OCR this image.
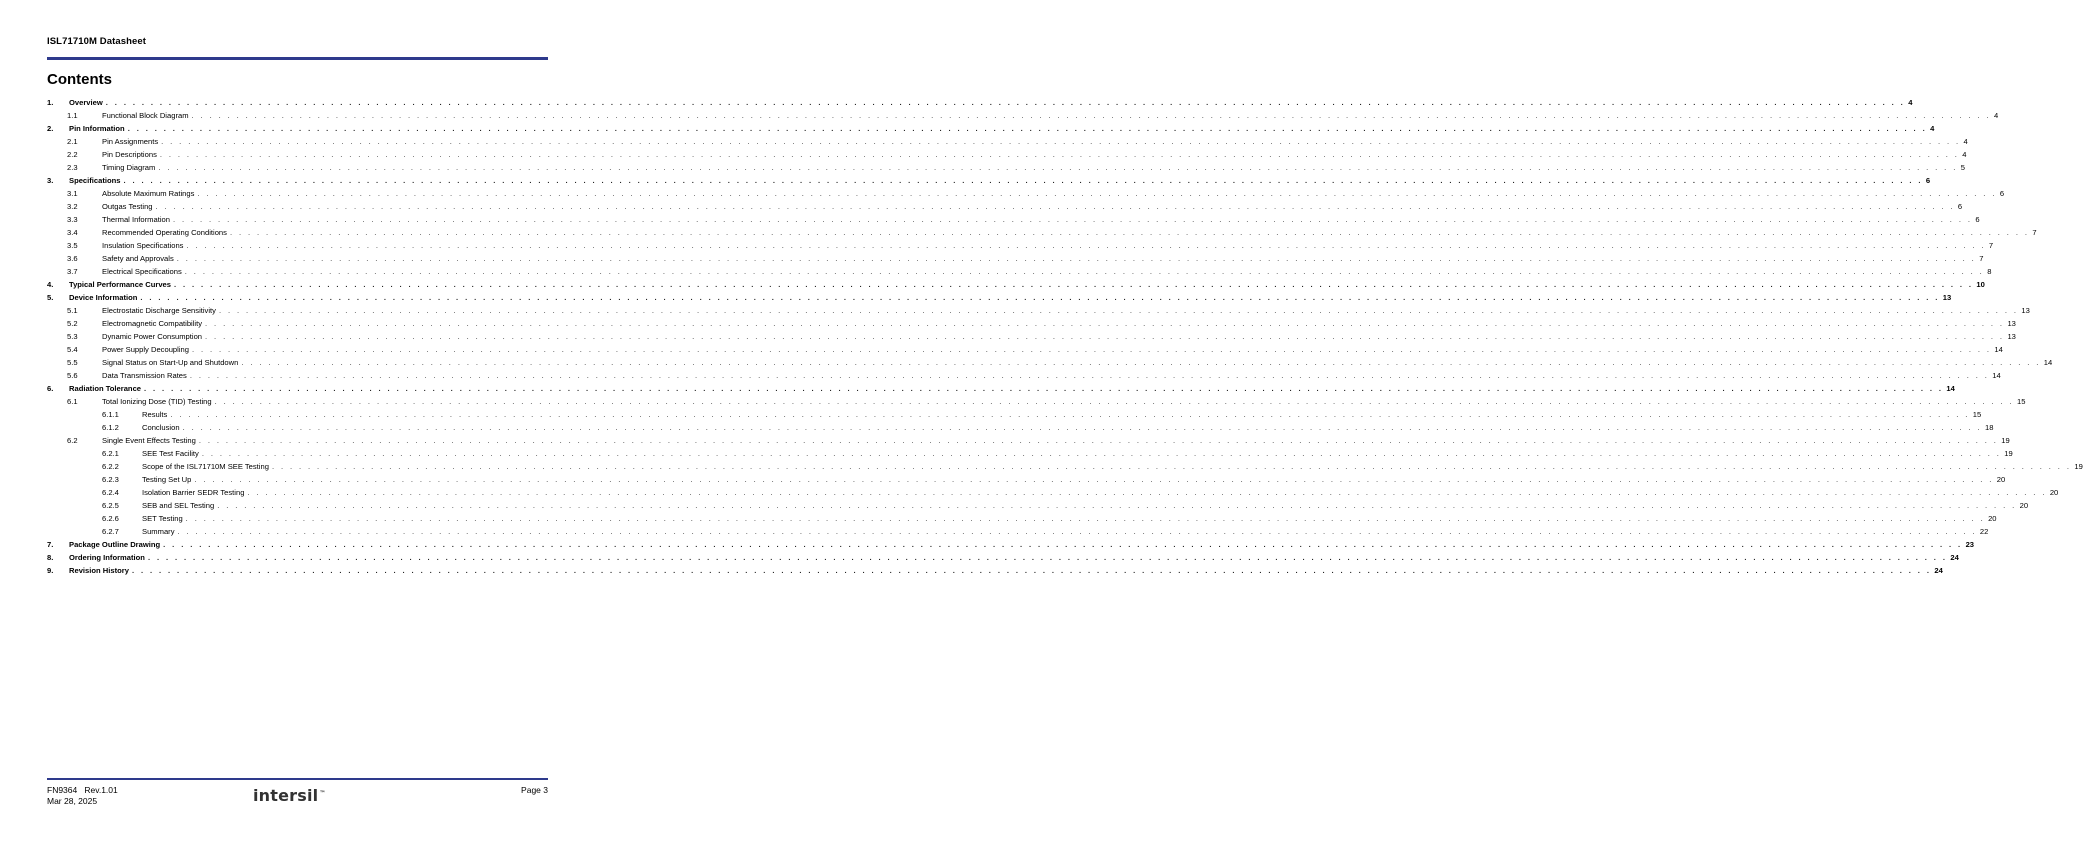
ISL71710M Datasheet
Contents
1. Overview . . . . . . . . . . . . . . . . . . . . . . . . . . . . . . . . . . . . . . . . . . . . . . . . . . . . . . . . . . . . . . . . . . . . . . . . . . . . . . . . . . . . . . . . . . . . . . . . . . . . . . . . . . . . . . . . . . . . . . . . . . . . . . . . . . . . . . . . . . . . . . . . . . . . . . . . . . . . . . . . . . . . . . . . . . . . . . . . . . . . . . . . . . . . . . . . . . . . . . . . 4
1.1	Functional Block Diagram . . . . . . . . . . . . . . . . . . . . . . . . . . . . . . . . . . . . . . . . . . . . . . . . . . . . . . . . . . . . . . . . . . . . . . . . . . . . . . . . . . . . . . . . . . . . . . . . . . . . . . . . . . . . . . . . . . . . . . . . . . . . . . . . . . . . . . . . . . . . . . . . . . . . . . . . . . . . . . . . . . . . . . . . . . . . . . . . . . . . . . . . . . . . . . . . . . . . . . . . 4
2. Pin Information . . . . . . . . . . . . . . . . . . . . . . . . . . . . . . . . . . . . . . . . . . . . . . . . . . . . . . . . . . . . . . . . . . . . . . . . . . . . . . . . . . . . . . . . . . . . . . . . . . . . . . . . . . . . . . . . . . . . . . . . . . . . . . . . . . . . . . . . . . . . . . . . . . . . . . . . . . . . . . . . . . . . . . . . . . . . . . . . . . . . . . . . . . . . . . . . . . . . . . . . 4
2.1	Pin Assignments . . . . . . . . . . . . . . . . . . . . . . . . . . . . . . . . . . . . . . . . . . . . . . . . . . . . . . . . . . . . . . . . . . . . . . . . . . . . . . . . . . . . . . . . . . . . . . . . . . . . . . . . . . . . . . . . . . . . . . . . . . . . . . . . . . . . . . . . . . . . . . . . . . . . . . . . . . . . . . . . . . . . . . . . . . . . . . . . . . . . . . . . . . . . . . . . . . . . . . . . 4
2.2	Pin Descriptions . . . . . . . . . . . . . . . . . . . . . . . . . . . . . . . . . . . . . . . . . . . . . . . . . . . . . . . . . . . . . . . . . . . . . . . . . . . . . . . . . . . . . . . . . . . . . . . . . . . . . . . . . . . . . . . . . . . . . . . . . . . . . . . . . . . . . . . . . . . . . . . . . . . . . . . . . . . . . . . . . . . . . . . . . . . . . . . . . . . . . . . . . . . . . . . . . . . . . . . . 4
2.3	Timing Diagram . . . . . . . . . . . . . . . . . . . . . . . . . . . . . . . . . . . . . . . . . . . . . . . . . . . . . . . . . . . . . . . . . . . . . . . . . . . . . . . . . . . . . . . . . . . . . . . . . . . . . . . . . . . . . . . . . . . . . . . . . . . . . . . . . . . . . . . . . . . . . . . . . . . . . . . . . . . . . . . . . . . . . . . . . . . . . . . . . . . . . . . . . . . . . . . . . . . . . . . . 5
3. Specifications . . . . . . . . . . . . . . . . . . . . . . . . . . . . . . . . . . . . . . . . . . . . . . . . . . . . . . . . . . . . . . . . . . . . . . . . . . . . . . . . . . . . . . . . . . . . . . . . . . . . . . . . . . . . . . . . . . . . . . . . . . . . . . . . . . . . . . . . . . . . . . . . . . . . . . . . . . . . . . . . . . . . . . . . . . . . . . . . . . . . . . . . . . . . . . . . . . . . . . . . 6
3.1	Absolute Maximum Ratings . . . . . . . . . . . . . . . . . . . . . . . . . . . . . . . . . . . . . . . . . . . . . . . . . . . . . . . . . . . . . . . . . . . . . . . . . . . . . . . . . . . . . . . . . . . . . . . . . . . . . . . . . . . . . . . . . . . . . . . . . . . . . . . . . . . . . . . . . . . . . . . . . . . . . . . . . . . . . . . . . . . . . . . . . . . . . . . . . . . . . . . . . . . . . . . . . . . . . . . . 6
3.2	Outgas Testing . . . . . . . . . . . . . . . . . . . . . . . . . . . . . . . . . . . . . . . . . . . . . . . . . . . . . . . . . . . . . . . . . . . . . . . . . . . . . . . . . . . . . . . . . . . . . . . . . . . . . . . . . . . . . . . . . . . . . . . . . . . . . . . . . . . . . . . . . . . . . . . . . . . . . . . . . . . . . . . . . . . . . . . . . . . . . . . . . . . . . . . . . . . . . . . . . . . . . . . . 6
3.3	Thermal Information . . . . . . . . . . . . . . . . . . . . . . . . . . . . . . . . . . . . . . . . . . . . . . . . . . . . . . . . . . . . . . . . . . . . . . . . . . . . . . . . . . . . . . . . . . . . . . . . . . . . . . . . . . . . . . . . . . . . . . . . . . . . . . . . . . . . . . . . . . . . . . . . . . . . . . . . . . . . . . . . . . . . . . . . . . . . . . . . . . . . . . . . . . . . . . . . . . . . . . . . 6
3.4	Recommended Operating Conditions . . . . . . . . . . . . . . . . . . . . . . . . . . . . . . . . . . . . . . . . . . . . . . . . . . . . . . . . . . . . . . . . . . . . . . . . . . . . . . . . . . . . . . . . . . . . . . . . . . . . . . . . . . . . . . . . . . . . . . . . . . . . . . . . . . . . . . . . . . . . . . . . . . . . . . . . . . . . . . . . . . . . . . . . . . . . . . . . . . . . . . . . . . . . . . . . . . . . . . . . 7
3.5	Insulation Specifications . . . . . . . . . . . . . . . . . . . . . . . . . . . . . . . . . . . . . . . . . . . . . . . . . . . . . . . . . . . . . . . . . . . . . . . . . . . . . . . . . . . . . . . . . . . . . . . . . . . . . . . . . . . . . . . . . . . . . . . . . . . . . . . . . . . . . . . . . . . . . . . . . . . . . . . . . . . . . . . . . . . . . . . . . . . . . . . . . . . . . . . . . . . . . . . . . . . . . . . . 7
3.6	Safety and Approvals . . . . . . . . . . . . . . . . . . . . . . . . . . . . . . . . . . . . . . . . . . . . . . . . . . . . . . . . . . . . . . . . . . . . . . . . . . . . . . . . . . . . . . . . . . . . . . . . . . . . . . . . . . . . . . . . . . . . . . . . . . . . . . . . . . . . . . . . . . . . . . . . . . . . . . . . . . . . . . . . . . . . . . . . . . . . . . . . . . . . . . . . . . . . . . . . . . . . . . . . 7
3.7	Electrical Specifications . . . . . . . . . . . . . . . . . . . . . . . . . . . . . . . . . . . . . . . . . . . . . . . . . . . . . . . . . . . . . . . . . . . . . . . . . . . . . . . . . . . . . . . . . . . . . . . . . . . . . . . . . . . . . . . . . . . . . . . . . . . . . . . . . . . . . . . . . . . . . . . . . . . . . . . . . . . . . . . . . . . . . . . . . . . . . . . . . . . . . . . . . . . . . . . . . . . . . . . . 8
4. Typical Performance Curves . . . . . . . . . . . . . . . . . . . . . . . . . . . . . . . . . . . . . . . . . . . . . . . . . . . . . . . . . . . . . . . . . . . . . . . . . . . . . . . . . . . . . . . . . . . . . . . . . . . . . . . . . . . . . . . . . . . . . . . . . . . . . . . . . . . . . . . . . . . . . . . . . . . . . . . . . . . . . . . . . . . . . . . . . . . . . . . . . . . . . . . . . . . . . . . . . . . . . . . . 10
5. Device Information . . . . . . . . . . . . . . . . . . . . . . . . . . . . . . . . . . . . . . . . . . . . . . . . . . . . . . . . . . . . . . . . . . . . . . . . . . . . . . . . . . . . . . . . . . . . . . . . . . . . . . . . . . . . . . . . . . . . . . . . . . . . . . . . . . . . . . . . . . . . . . . . . . . . . . . . . . . . . . . . . . . . . . . . . . . . . . . . . . . . . . . . . . . . . . . . . . . . . . . . 13
5.1	Electrostatic Discharge Sensitivity . . . . . . . . . . . . . . . . . . . . . . . . . . . . . . . . . . . . . . . . . . . . . . . . . . . . . . . . . . . . . . . . . . . . . . . . . . . . . . . . . . . . . . . . . . . . . . . . . . . . . . . . . . . . . . . . . . . . . . . . . . . . . . . . . . . . . . . . . . . . . . . . . . . . . . . . . . . . . . . . . . . . . . . . . . . . . . . . . . . . . . . . . . . . . . . . . . . . . . . . 13
5.2	Electromagnetic Compatibility . . . . . . . . . . . . . . . . . . . . . . . . . . . . . . . . . . . . . . . . . . . . . . . . . . . . . . . . . . . . . . . . . . . . . . . . . . . . . . . . . . . . . . . . . . . . . . . . . . . . . . . . . . . . . . . . . . . . . . . . . . . . . . . . . . . . . . . . . . . . . . . . . . . . . . . . . . . . . . . . . . . . . . . . . . . . . . . . . . . . . . . . . . . . . . . . . . . . . . . . 13
5.3	Dynamic Power Consumption . . . . . . . . . . . . . . . . . . . . . . . . . . . . . . . . . . . . . . . . . . . . . . . . . . . . . . . . . . . . . . . . . . . . . . . . . . . . . . . . . . . . . . . . . . . . . . . . . . . . . . . . . . . . . . . . . . . . . . . . . . . . . . . . . . . . . . . . . . . . . . . . . . . . . . . . . . . . . . . . . . . . . . . . . . . . . . . . . . . . . . . . . . . . . . . . . . . . . . . . 13
5.4	Power Supply Decoupling . . . . . . . . . . . . . . . . . . . . . . . . . . . . . . . . . . . . . . . . . . . . . . . . . . . . . . . . . . . . . . . . . . . . . . . . . . . . . . . . . . . . . . . . . . . . . . . . . . . . . . . . . . . . . . . . . . . . . . . . . . . . . . . . . . . . . . . . . . . . . . . . . . . . . . . . . . . . . . . . . . . . . . . . . . . . . . . . . . . . . . . . . . . . . . . . . . . . . . . . 14
5.5	Signal Status on Start-Up and Shutdown . . . . . . . . . . . . . . . . . . . . . . . . . . . . . . . . . . . . . . . . . . . . . . . . . . . . . . . . . . . . . . . . . . . . . . . . . . . . . . . . . . . . . . . . . . . . . . . . . . . . . . . . . . . . . . . . . . . . . . . . . . . . . . . . . . . . . . . . . . . . . . . . . . . . . . . . . . . . . . . . . . . . . . . . . . . . . . . . . . . . . . . . . . . . . . . . . . . . . . . . 14
5.6	Data Transmission Rates . . . . . . . . . . . . . . . . . . . . . . . . . . . . . . . . . . . . . . . . . . . . . . . . . . . . . . . . . . . . . . . . . . . . . . . . . . . . . . . . . . . . . . . . . . . . . . . . . . . . . . . . . . . . . . . . . . . . . . . . . . . . . . . . . . . . . . . . . . . . . . . . . . . . . . . . . . . . . . . . . . . . . . . . . . . . . . . . . . . . . . . . . . . . . . . . . . . . . . . . 14
6. Radiation Tolerance . . . . . . . . . . . . . . . . . . . . . . . . . . . . . . . . . . . . . . . . . . . . . . . . . . . . . . . . . . . . . . . . . . . . . . . . . . . . . . . . . . . . . . . . . . . . . . . . . . . . . . . . . . . . . . . . . . . . . . . . . . . . . . . . . . . . . . . . . . . . . . . . . . . . . . . . . . . . . . . . . . . . . . . . . . . . . . . . . . . . . . . . . . . . . . . . . . . . . . . . 14
6.1	Total Ionizing Dose (TID) Testing . . . . . . . . . . . . . . . . . . . . . . . . . . . . . . . . . . . . . . . . . . . . . . . . . . . . . . . . . . . . . . . . . . . . . . . . . . . . . . . . . . . . . . . . . . . . . . . . . . . . . . . . . . . . . . . . . . . . . . . . . . . . . . . . . . . . . . . . . . . . . . . . . . . . . . . . . . . . . . . . . . . . . . . . . . . . . . . . . . . . . . . . . . . . . . . . . . . . . . . . 15
6.1.1	Results . . . . . . . . . . . . . . . . . . . . . . . . . . . . . . . . . . . . . . . . . . . . . . . . . . . . . . . . . . . . . . . . . . . . . . . . . . . . . . . . . . . . . . . . . . . . . . . . . . . . . . . . . . . . . . . . . . . . . . . . . . . . . . . . . . . . . . . . . . . . . . . . . . . . . . . . . . . . . . . . . . . . . . . . . . . . . . . . . . . . . . . . . . . . . . . . . . . . . . . . 15
6.1.2	Conclusion . . . . . . . . . . . . . . . . . . . . . . . . . . . . . . . . . . . . . . . . . . . . . . . . . . . . . . . . . . . . . . . . . . . . . . . . . . . . . . . . . . . . . . . . . . . . . . . . . . . . . . . . . . . . . . . . . . . . . . . . . . . . . . . . . . . . . . . . . . . . . . . . . . . . . . . . . . . . . . . . . . . . . . . . . . . . . . . . . . . . . . . . . . . . . . . . . . . . . . . . 18
6.2	Single Event Effects Testing . . . . . . . . . . . . . . . . . . . . . . . . . . . . . . . . . . . . . . . . . . . . . . . . . . . . . . . . . . . . . . . . . . . . . . . . . . . . . . . . . . . . . . . . . . . . . . . . . . . . . . . . . . . . . . . . . . . . . . . . . . . . . . . . . . . . . . . . . . . . . . . . . . . . . . . . . . . . . . . . . . . . . . . . . . . . . . . . . . . . . . . . . . . . . . . . . . . . . . . . 19
6.2.1	SEE Test Facility . . . . . . . . . . . . . . . . . . . . . . . . . . . . . . . . . . . . . . . . . . . . . . . . . . . . . . . . . . . . . . . . . . . . . . . . . . . . . . . . . . . . . . . . . . . . . . . . . . . . . . . . . . . . . . . . . . . . . . . . . . . . . . . . . . . . . . . . . . . . . . . . . . . . . . . . . . . . . . . . . . . . . . . . . . . . . . . . . . . . . . . . . . . . . . . . . . . . . . . . 19
6.2.2	Scope of the ISL71710M SEE Testing . . . . . . . . . . . . . . . . . . . . . . . . . . . . . . . . . . . . . . . . . . . . . . . . . . . . . . . . . . . . . . . . . . . . . . . . . . . . . . . . . . . . . . . . . . . . . . . . . . . . . . . . . . . . . . . . . . . . . . . . . . . . . . . . . . . . . . . . . . . . . . . . . . . . . . . . . . . . . . . . . . . . . . . . . . . . . . . . . . . . . . . . . . . . . . . . . . . . . . . . 19
6.2.3	Testing Set Up . . . . . . . . . . . . . . . . . . . . . . . . . . . . . . . . . . . . . . . . . . . . . . . . . . . . . . . . . . . . . . . . . . . . . . . . . . . . . . . . . . . . . . . . . . . . . . . . . . . . . . . . . . . . . . . . . . . . . . . . . . . . . . . . . . . . . . . . . . . . . . . . . . . . . . . . . . . . . . . . . . . . . . . . . . . . . . . . . . . . . . . . . . . . . . . . . . . . . . . . 20
6.2.4	Isolation Barrier SEDR Testing . . . . . . . . . . . . . . . . . . . . . . . . . . . . . . . . . . . . . . . . . . . . . . . . . . . . . . . . . . . . . . . . . . . . . . . . . . . . . . . . . . . . . . . . . . . . . . . . . . . . . . . . . . . . . . . . . . . . . . . . . . . . . . . . . . . . . . . . . . . . . . . . . . . . . . . . . . . . . . . . . . . . . . . . . . . . . . . . . . . . . . . . . . . . . . . . . . . . . . . . 20
6.2.5	SEB and SEL Testing . . . . . . . . . . . . . . . . . . . . . . . . . . . . . . . . . . . . . . . . . . . . . . . . . . . . . . . . . . . . . . . . . . . . . . . . . . . . . . . . . . . . . . . . . . . . . . . . . . . . . . . . . . . . . . . . . . . . . . . . . . . . . . . . . . . . . . . . . . . . . . . . . . . . . . . . . . . . . . . . . . . . . . . . . . . . . . . . . . . . . . . . . . . . . . . . . . . . . . . . 20
6.2.6	SET Testing . . . . . . . . . . . . . . . . . . . . . . . . . . . . . . . . . . . . . . . . . . . . . . . . . . . . . . . . . . . . . . . . . . . . . . . . . . . . . . . . . . . . . . . . . . . . . . . . . . . . . . . . . . . . . . . . . . . . . . . . . . . . . . . . . . . . . . . . . . . . . . . . . . . . . . . . . . . . . . . . . . . . . . . . . . . . . . . . . . . . . . . . . . . . . . . . . . . . . . . . 20
6.2.7	Summary . . . . . . . . . . . . . . . . . . . . . . . . . . . . . . . . . . . . . . . . . . . . . . . . . . . . . . . . . . . . . . . . . . . . . . . . . . . . . . . . . . . . . . . . . . . . . . . . . . . . . . . . . . . . . . . . . . . . . . . . . . . . . . . . . . . . . . . . . . . . . . . . . . . . . . . . . . . . . . . . . . . . . . . . . . . . . . . . . . . . . . . . . . . . . . . . . . . . . . . . 22
7. Package Outline Drawing . . . . . . . . . . . . . . . . . . . . . . . . . . . . . . . . . . . . . . . . . . . . . . . . . . . . . . . . . . . . . . . . . . . . . . . . . . . . . . . . . . . . . . . . . . . . . . . . . . . . . . . . . . . . . . . . . . . . . . . . . . . . . . . . . . . . . . . . . . . . . . . . . . . . . . . . . . . . . . . . . . . . . . . . . . . . . . . . . . . . . . . . . . . . . . . . . . . . . . . . 23
8. Ordering Information . . . . . . . . . . . . . . . . . . . . . . . . . . . . . . . . . . . . . . . . . . . . . . . . . . . . . . . . . . . . . . . . . . . . . . . . . . . . . . . . . . . . . . . . . . . . . . . . . . . . . . . . . . . . . . . . . . . . . . . . . . . . . . . . . . . . . . . . . . . . . . . . . . . . . . . . . . . . . . . . . . . . . . . . . . . . . . . . . . . . . . . . . . . . . . . . . . . . . . . . 24
9. Revision History . . . . . . . . . . . . . . . . . . . . . . . . . . . . . . . . . . . . . . . . . . . . . . . . . . . . . . . . . . . . . . . . . . . . . . . . . . . . . . . . . . . . . . . . . . . . . . . . . . . . . . . . . . . . . . . . . . . . . . . . . . . . . . . . . . . . . . . . . . . . . . . . . . . . . . . . . . . . . . . . . . . . . . . . . . . . . . . . . . . . . . . . . . . . . . . . . . . . . . . . 24
FN9364 Rev.1.01
Mar 28, 2025	intersil™	Page 3
